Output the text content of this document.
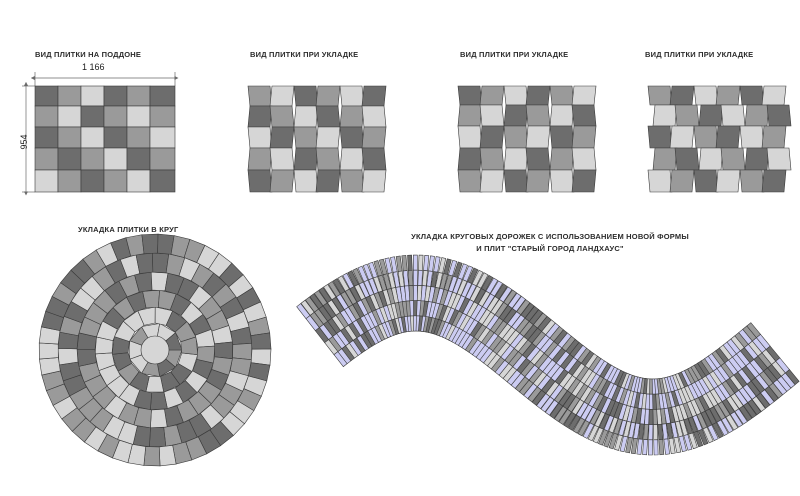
ВИД ПЛИТКИ НА ПОДДОНЕ	ВИД ПЛИТКИ ПРИ УКЛАДКЕ	ВИД ПЛИТКИ ПРИ УКЛАДКЕ	ВИД ПЛИТКИ ПРИ УКЛАДКЕ
1 166
954
УКЛАДКА ПЛИТКИ В КРУГ
УКЛАДКА КРУГОВЫХ ДОРОЖЕК С ИСПОЛЬЗОВАНИЕМ НОВОЙ ФОРМЫ
И ПЛИТ "СТАРЫЙ ГОРОД ЛАНДХАУС"
